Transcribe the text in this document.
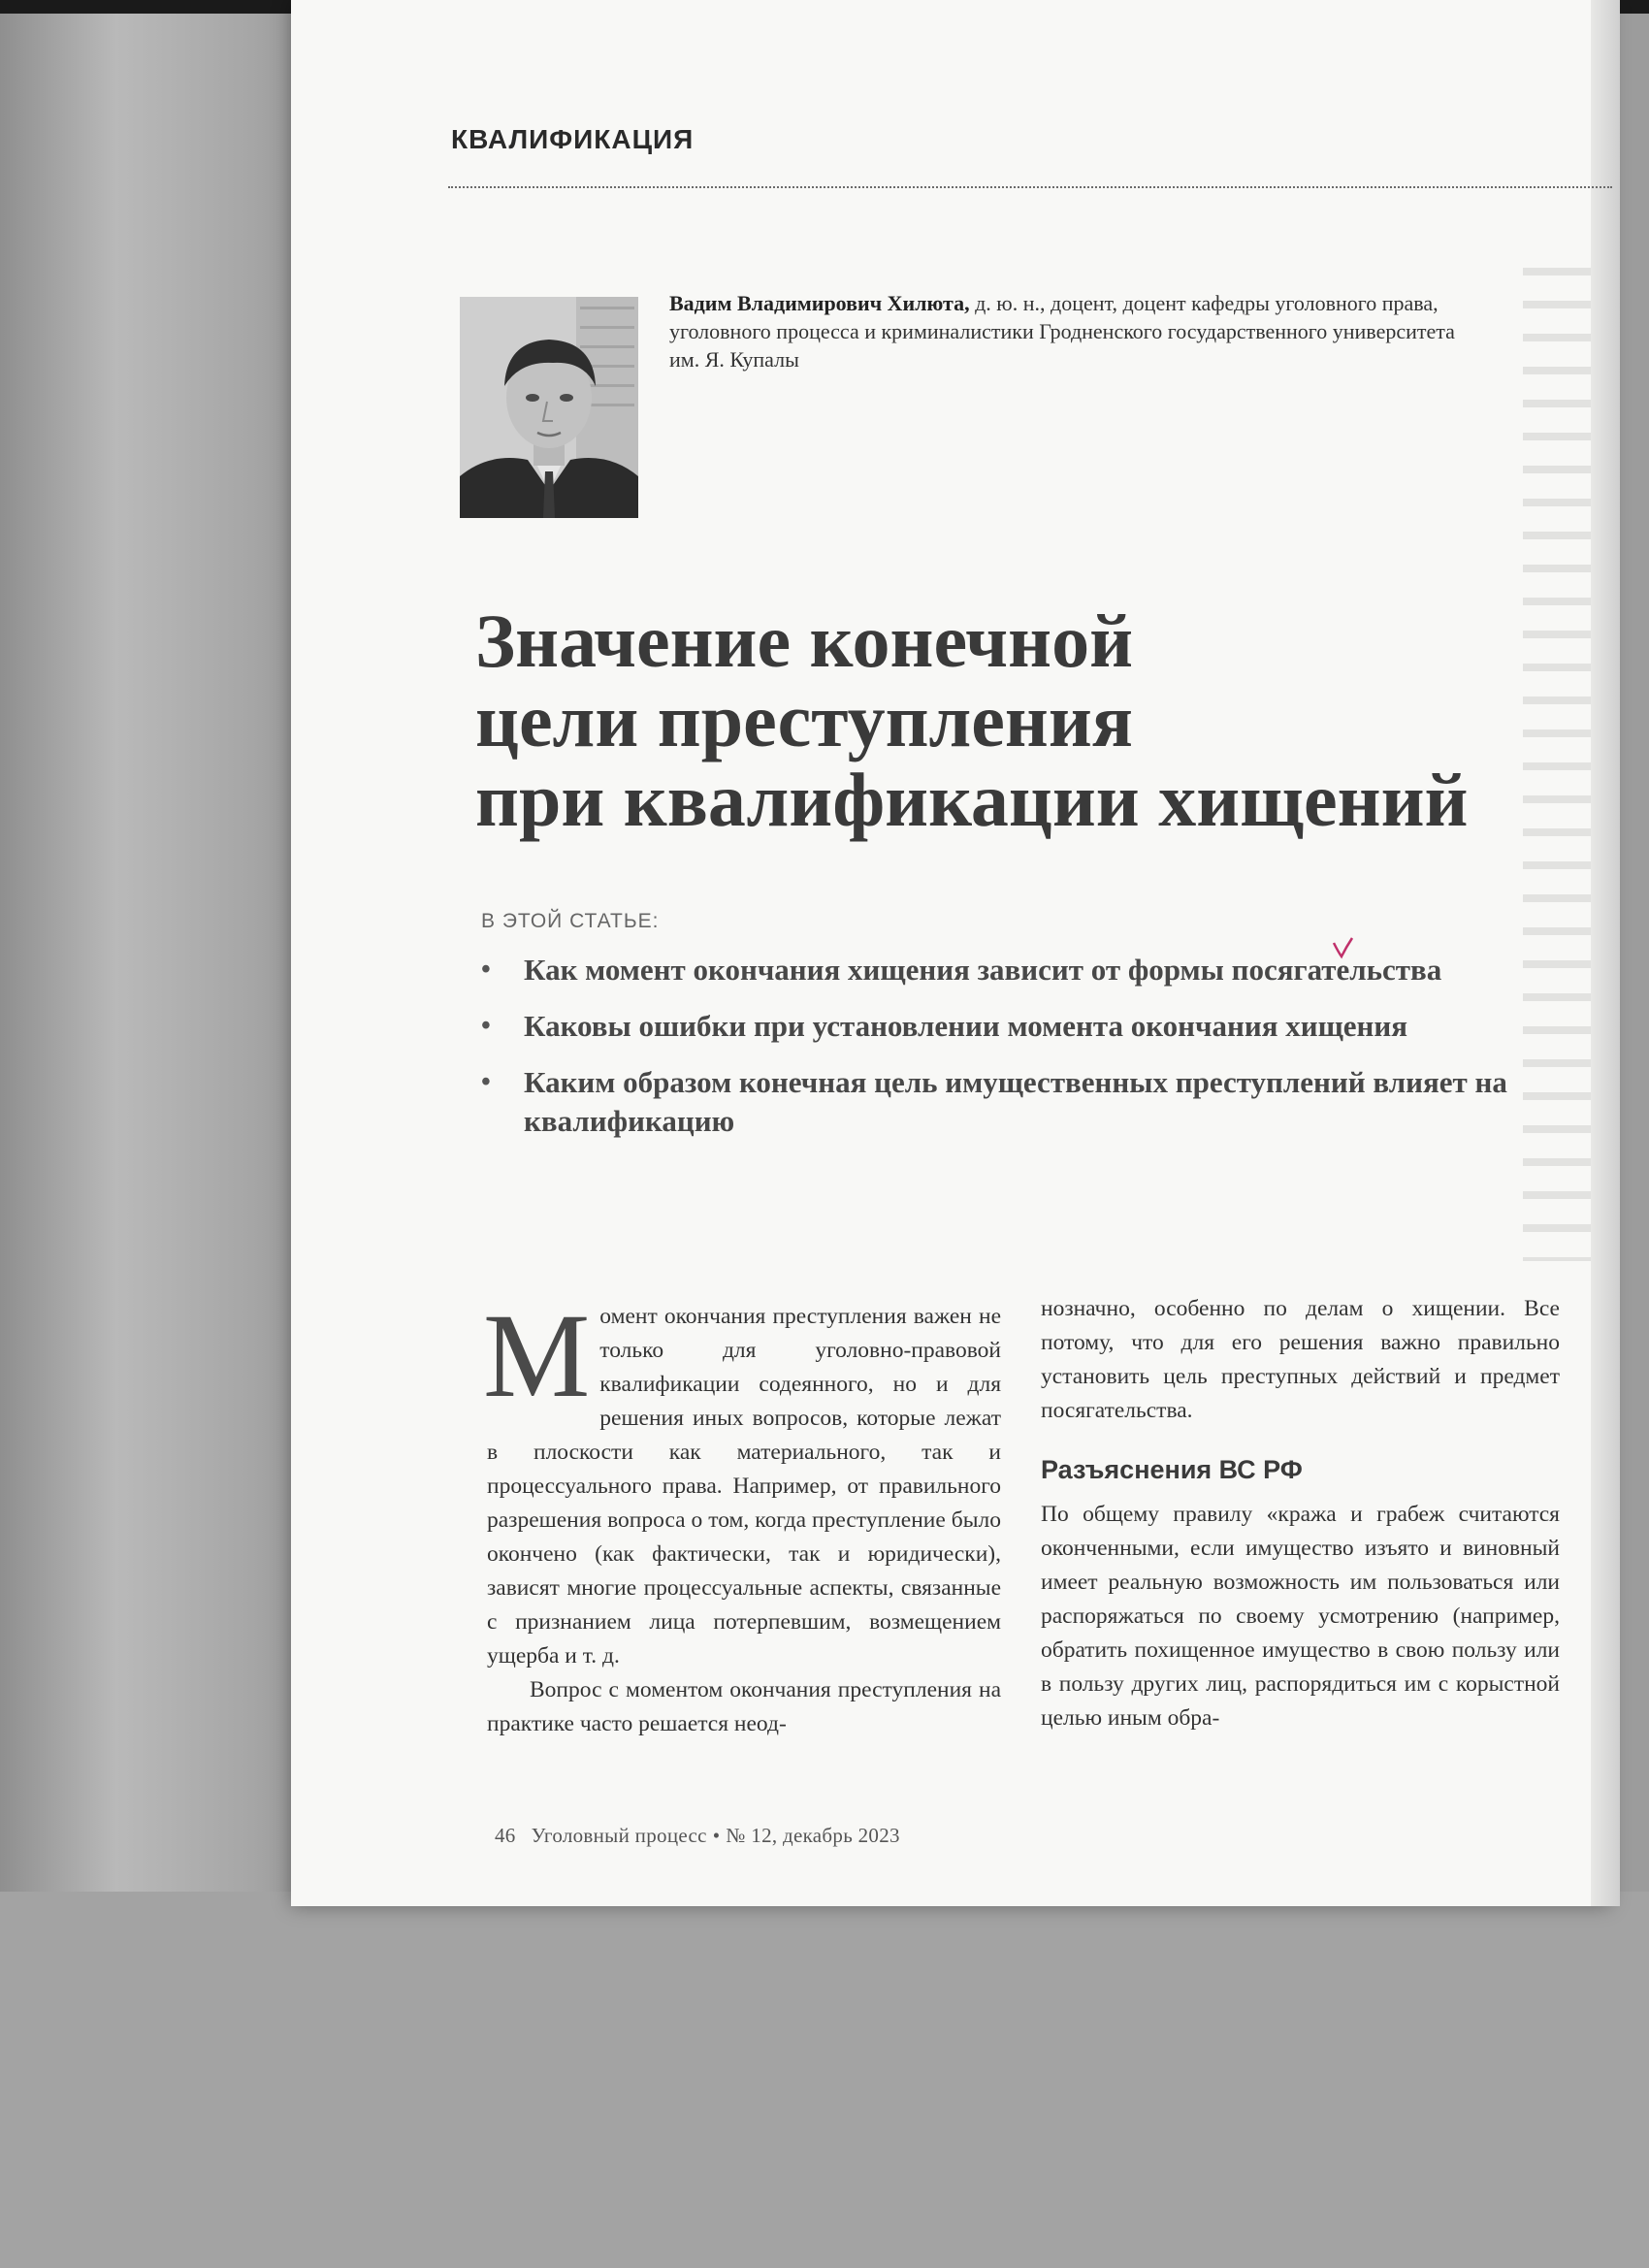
КВАЛИФИКАЦИЯ
Вадим Владимирович Хилюта, д. ю. н., доцент, доцент кафедры уголовного права, уголовного процесса и криминалистики Гродненского государственного университета им. Я. Купалы
Значение конечной
цели преступления
при квалификации хищений
В ЭТОЙ СТАТЬЕ:
• Как момент окончания хищения зависит от формы посягательства
• Каковы ошибки при установлении момента окончания хищения
• Каким образом конечная цель имущественных преступлений влияет на квалификацию

Момент окончания преступления важен не только для уголовно-правовой квалификации содеянного, но и для решения иных вопросов, которые лежат в плоскости как материального, так и процессуального права. Например, от правильного разрешения вопроса о том, когда преступление было окончено (как фактически, так и юридически), зависят многие процессуальные аспекты, связанные с признанием лица потерпевшим, возмещением ущерба и т. д.

Вопрос с моментом окончания преступления на практике часто решается неод-

нозначно, особенно по делам о хищении. Все потому, что для его решения важно правильно установить цель преступных действий и предмет посягательства.

Разъяснения ВС РФ

По общему правилу «кража и грабеж считаются оконченными, если имущество изъято и виновный имеет реальную возможность им пользоваться или распоряжаться по своему усмотрению (например, обратить похищенное имущество в свою пользу или в пользу других лиц, распорядиться им с корыстной целью иным обра-

46 Уголовный процесс • № 12, декабрь 2023
